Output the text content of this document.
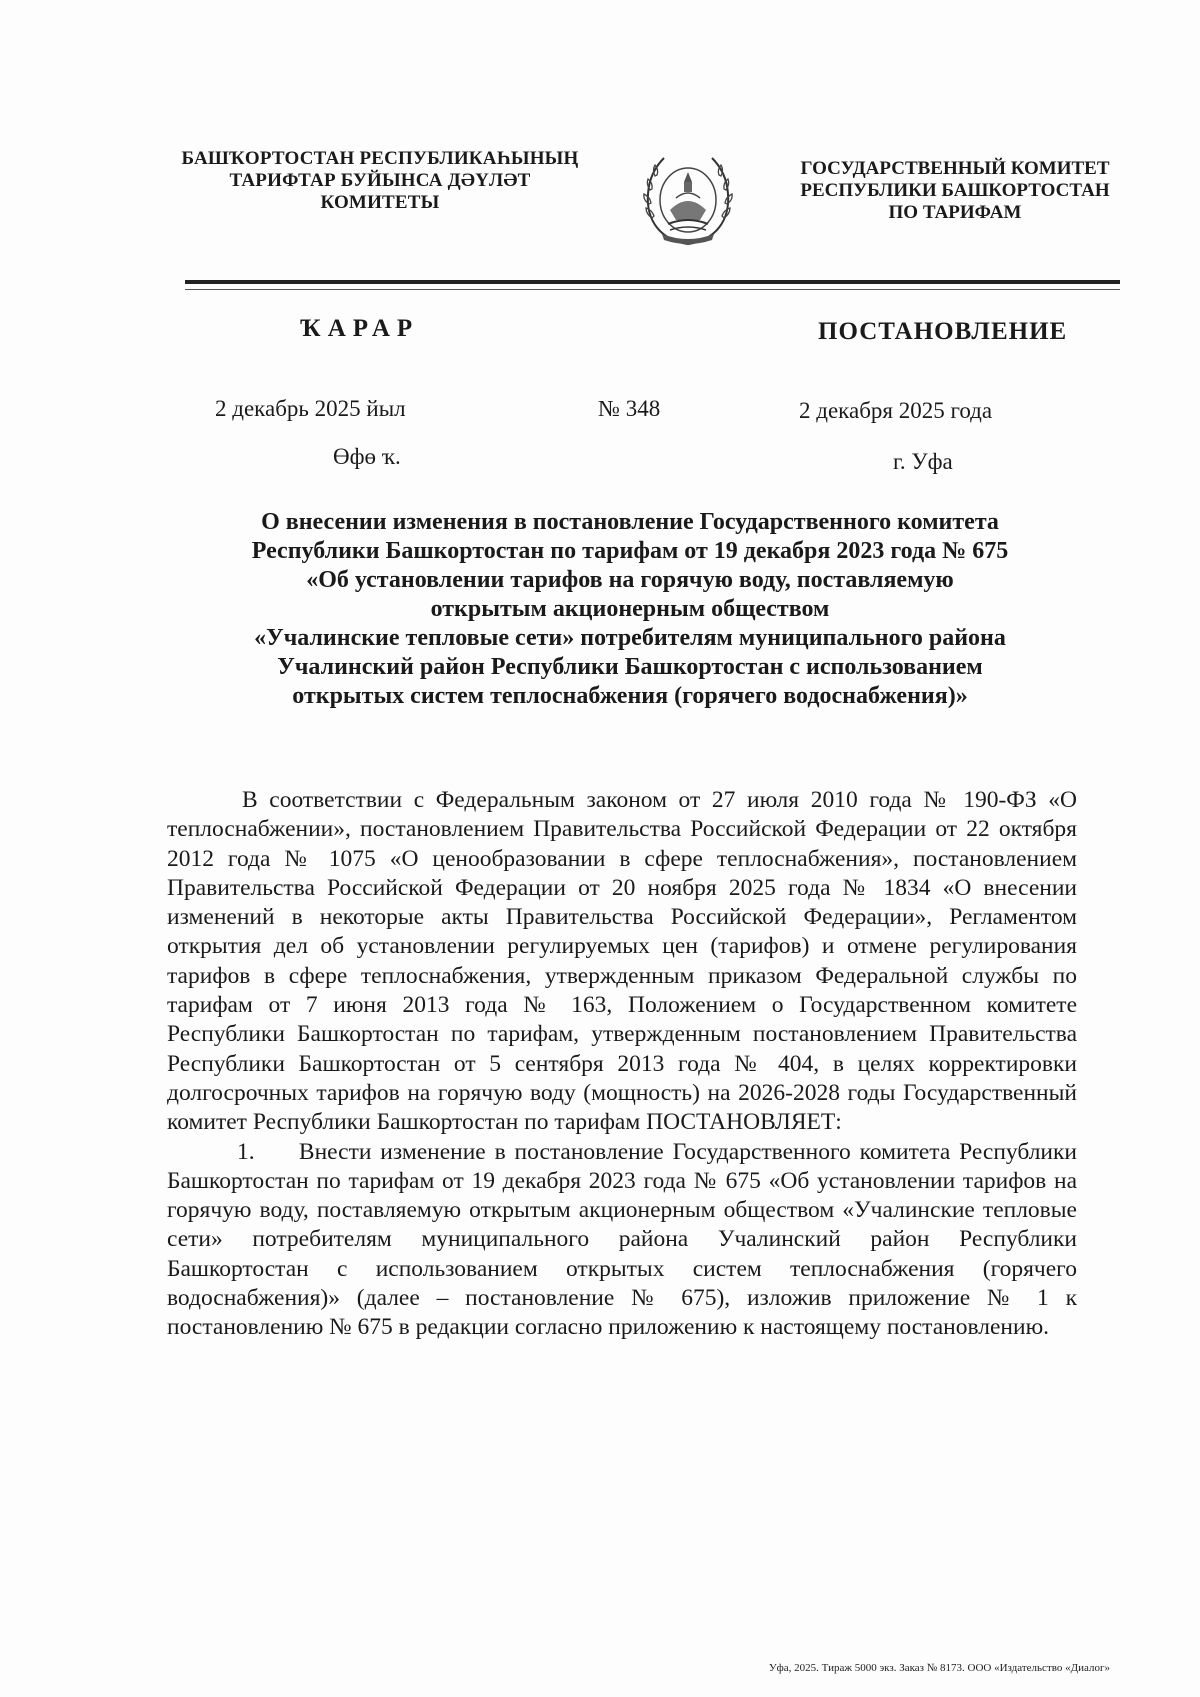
БАШҠОРТОСТАН РЕСПУБЛИКАҺЫНЫҢ
ТАРИФТАР БУЙЫНСА ДӘҮЛӘТ
КОМИТЕТЫ
ГОСУДАРСТВЕННЫЙ КОМИТЕТ
РЕСПУБЛИКИ БАШКОРТОСТАН
ПО ТАРИФАМ
ҠАРАР	ПОСТАНОВЛЕНИЕ
2 декабрь 2025 йыл	№ 348	2 декабря 2025 года
Өфө ҡ.	г. Уфа
О внесении изменения в постановление Государственного комитета
Республики Башкортостан по тарифам от 19 декабря 2023 года № 675
«Об установлении тарифов на горячую воду, поставляемую
открытым акционерным обществом
«Учалинские тепловые сети» потребителям муниципального района
Учалинский район Республики Башкортостан с использованием
открытых систем теплоснабжения (горячего водоснабжения)»

В соответствии с Федеральным законом от 27 июля 2010 года № 190-ФЗ «О теплоснабжении», постановлением Правительства Российской Федерации от 22 октября 2012 года № 1075 «О ценообразовании в сфере теплоснабжения», постановлением Правительства Российской Федерации от 20 ноября 2025 года № 1834 «О внесении изменений в некоторые акты Правительства Российской Федерации», Регламентом открытия дел об установлении регулируемых цен (тарифов) и отмене регулирования тарифов в сфере теплоснабжения, утвержденным приказом Федеральной службы по тарифам от 7 июня 2013 года № 163, Положением о Государственном комитете Республики Башкортостан по тарифам, утвержденным постановлением Правительства Республики Башкортостан от 5 сентября 2013 года № 404, в целях корректировки долгосрочных тарифов на горячую воду (мощность) на 2026-2028 годы Государственный комитет Республики Башкортостан по тарифам ПОСТАНОВЛЯЕТ:

1. Внести изменение в постановление Государственного комитета Республики Башкортостан по тарифам от 19 декабря 2023 года № 675 «Об установлении тарифов на горячую воду, поставляемую открытым акционерным обществом «Учалинские тепловые сети» потребителям муниципального района Учалинский район Республики Башкортостан с использованием открытых систем теплоснабжения (горячего водоснабжения)» (далее – постановление № 675), изложив приложение № 1 к постановлению № 675 в редакции согласно приложению к настоящему постановлению.

Уфа, 2025. Тираж 5000 экз. Заказ № 8173. ООО «Издательство «Диалог»
